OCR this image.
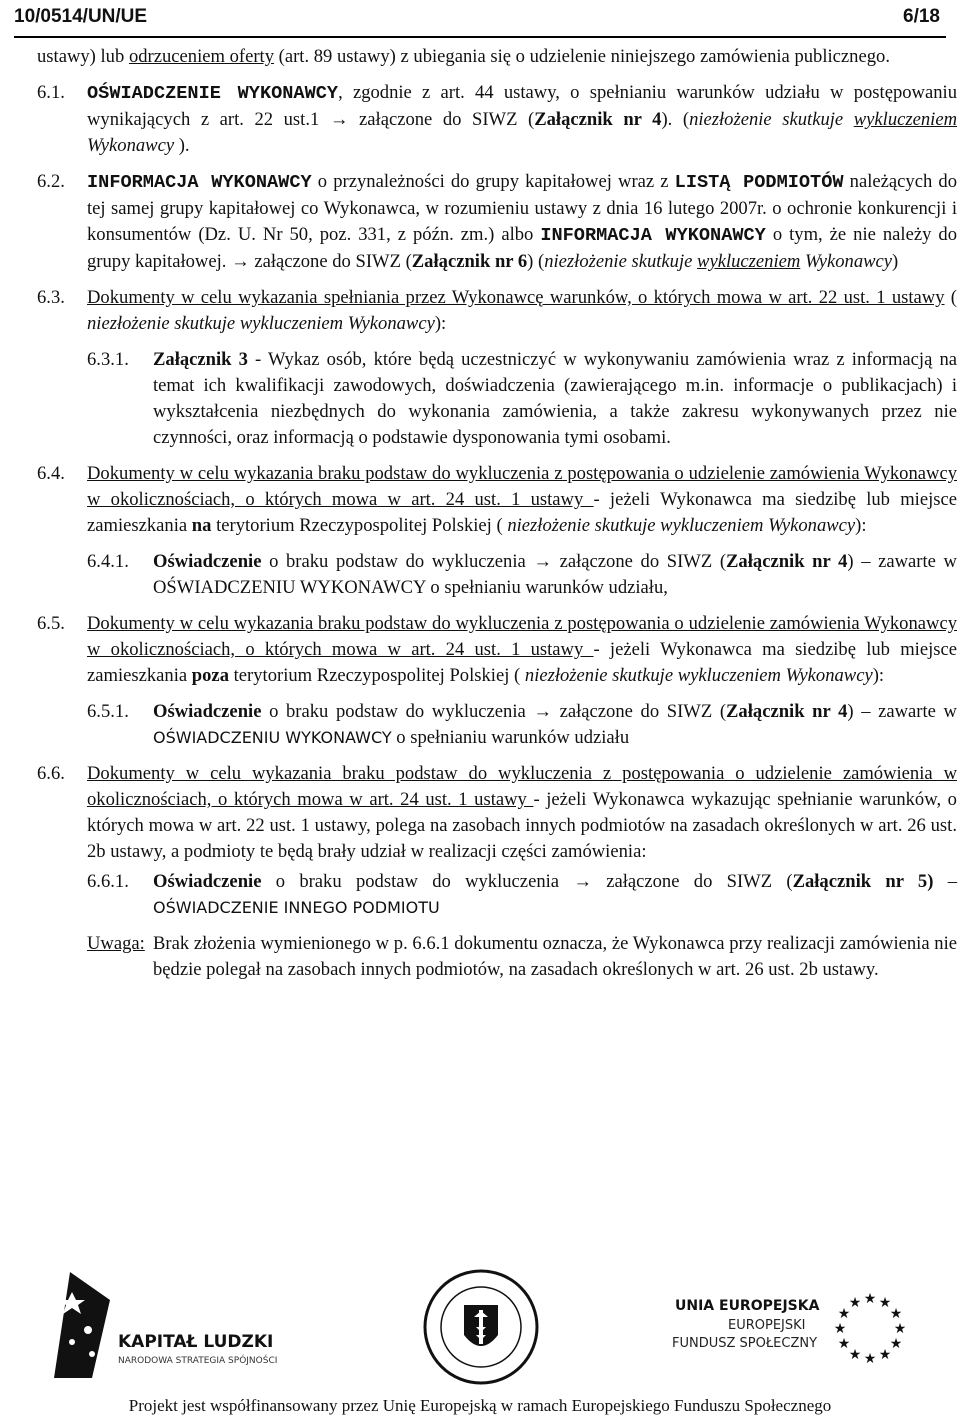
10/0514/UN/UE	6/18
ustawy) lub odrzuceniem oferty (art. 89 ustawy) z ubiegania się o udzielenie niniejszego zamówienia publicznego.
6.1. OŚWIADCZENIE WYKONAWCY, zgodnie z art. 44 ustawy, o spełnianiu warunków udziału w postępowaniu wynikających z art. 22 ust.1 → załączone do SIWZ (Załącznik nr 4). (niezłożenie skutkuje wykluczeniem Wykonawcy ).
6.2. INFORMACJA WYKONAWCY o przynależności do grupy kapitałowej wraz z LISTĄ PODMIOTÓW należących do tej samej grupy kapitałowej co Wykonawca, w rozumieniu ustawy z dnia 16 lutego 2007r. o ochronie konkurencji i konsumentów (Dz. U. Nr 50, poz. 331, z późn. zm.) albo INFORMACJA WYKONAWCY o tym, że nie należy do grupy kapitałowej. → załączone do SIWZ (Załącznik nr 6) (niezłożenie skutkuje wykluczeniem Wykonawcy)
6.3. Dokumenty w celu wykazania spełniania przez Wykonawcę warunków, o których mowa w art. 22 ust. 1 ustawy ( niezłożenie skutkuje wykluczeniem Wykonawcy):
6.3.1. Załącznik 3 - Wykaz osób, które będą uczestniczyć w wykonywaniu zamówienia wraz z informacją na temat ich kwalifikacji zawodowych, doświadczenia (zawierającego m.in. informacje o publikacjach) i wykształcenia niezbędnych do wykonania zamówienia, a także zakresu wykonywanych przez nie czynności, oraz informacją o podstawie dysponowania tymi osobami.
6.4. Dokumenty w celu wykazania braku podstaw do wykluczenia z postępowania o udzielenie zamówienia Wykonawcy w okolicznościach, o których mowa w art. 24 ust. 1 ustawy - jeżeli Wykonawca ma siedzibę lub miejsce zamieszkania na terytorium Rzeczypospolitej Polskiej ( niezłożenie skutkuje wykluczeniem Wykonawcy):
6.4.1. Oświadczenie o braku podstaw do wykluczenia → załączone do SIWZ (Załącznik nr 4) – zawarte w OŚWIADCZENIU WYKONAWCY o spełnianiu warunków udziału,
6.5. Dokumenty w celu wykazania braku podstaw do wykluczenia z postępowania o udzielenie zamówienia Wykonawcy w okolicznościach, o których mowa w art. 24 ust. 1 ustawy - jeżeli Wykonawca ma siedzibę lub miejsce zamieszkania poza terytorium Rzeczypospolitej Polskiej ( niezłożenie skutkuje wykluczeniem Wykonawcy):
6.5.1. Oświadczenie o braku podstaw do wykluczenia → załączone do SIWZ (Załącznik nr 4) – zawarte w OŚWIADCZENIU WYKONAWCY o spełnianiu warunków udziału
6.6. Dokumenty w celu wykazania braku podstaw do wykluczenia z postępowania o udzielenie zamówienia w okolicznościach, o których mowa w art. 24 ust. 1 ustawy - jeżeli Wykonawca wykazując spełnianie warunków, o których mowa w art. 22 ust. 1 ustawy, polega na zasobach innych podmiotów na zasadach określonych w art. 26 ust. 2b ustawy, a podmioty te będą brały udział w realizacji części zamówienia:
6.6.1. Oświadczenie o braku podstaw do wykluczenia → załączone do SIWZ (Załącznik nr 5) – OŚWIADCZENIE INNEGO PODMIOTU
Uwaga: Brak złożenia wymienionego w p. 6.6.1 dokumentu oznacza, że Wykonawca przy realizacji zamówienia nie będzie polegał na zasobach innych podmiotów, na zasadach określonych w art. 26 ust. 2b ustawy.
KAPITAŁ LUDZKI
NARODOWA STRATEGIA SPÓJNOŚCI
UNIA EUROPEJSKA
EUROPEJSKI
FUNDUSZ SPOŁECZNY
★ ★
★
★
★
★
★
★
★
★
★
★
Projekt jest współfinansowany przez Unię Europejską w ramach Europejskiego Funduszu Społecznego
